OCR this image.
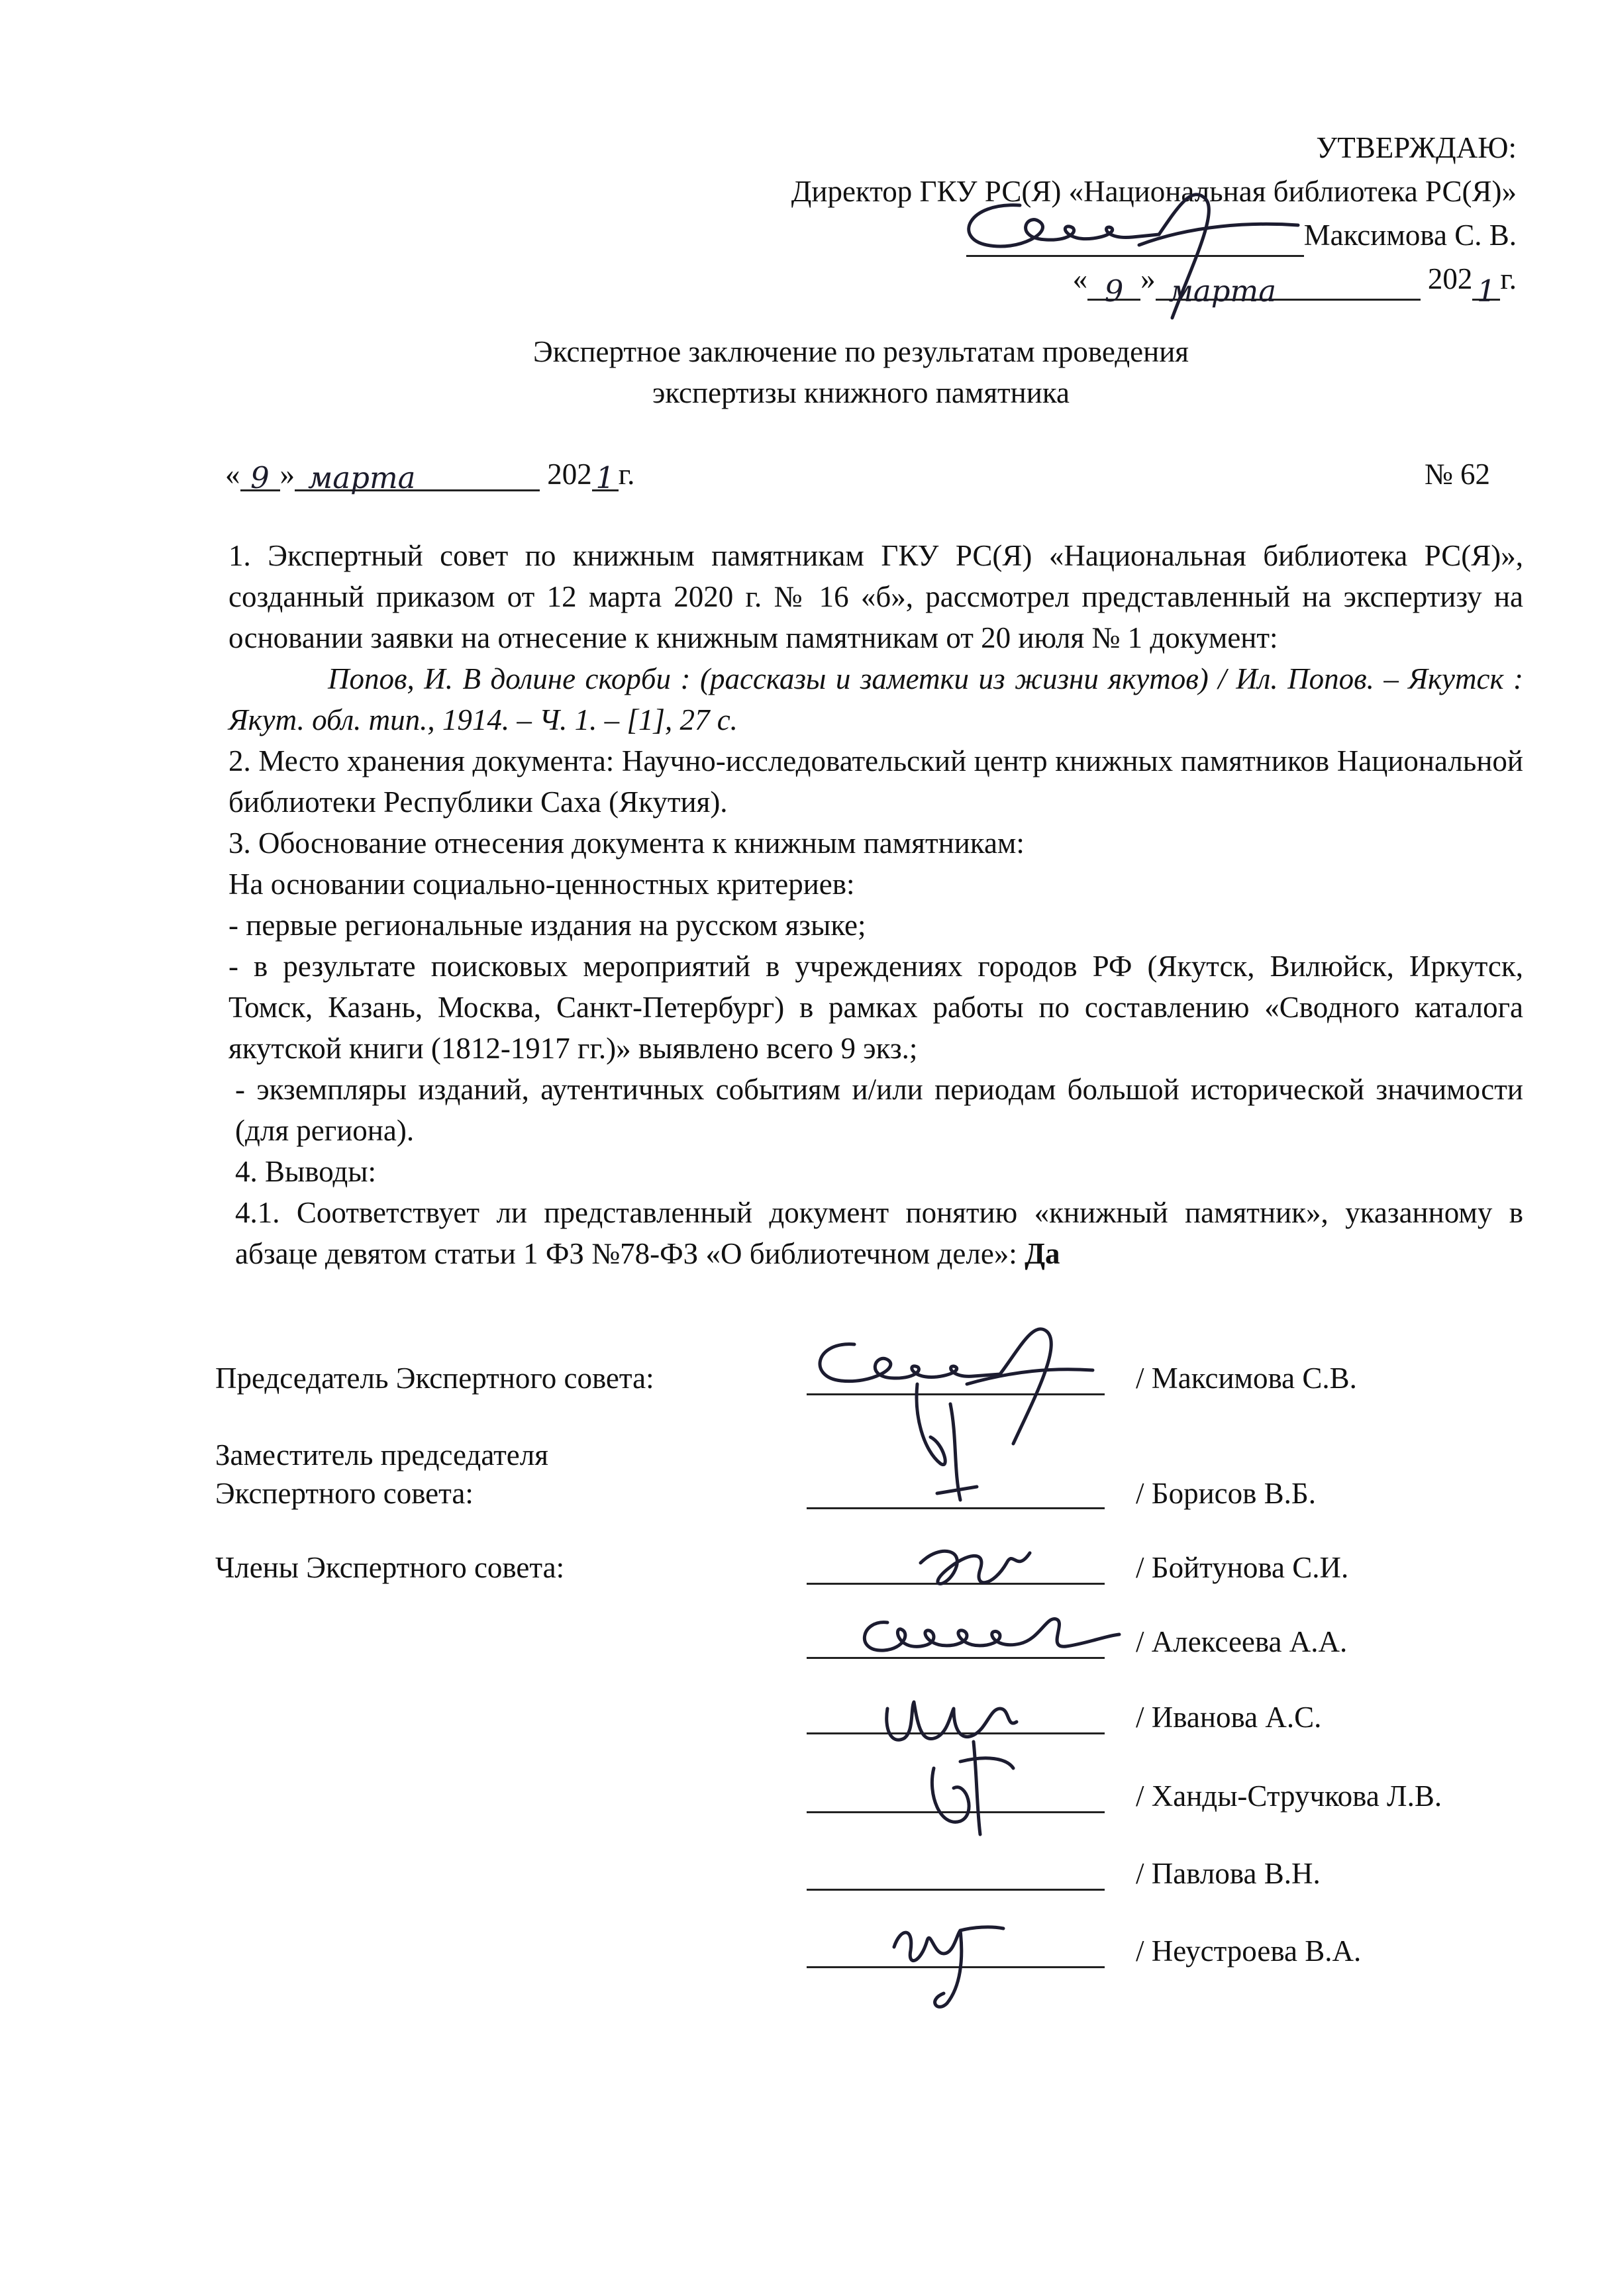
УТВЕРЖДАЮ:
Директор ГКУ РС(Я) «Национальная библиотека РС(Я)»
Максимова С. В.
« 9 » марта	202 1 г.
Экспертное заключение по результатам проведения
экспертизы книжного памятника
« 9 » марта	202 1 г.	№ 62

1. Экспертный совет по книжным памятникам ГКУ РС(Я) «Национальная библиотека РС(Я)», созданный приказом от 12 марта 2020 г. № 16 «б», рассмотрел представленный на экспертизу на основании заявки на отнесение к книжным памятникам от 20 июля № 1 документ:

Попов, И. В долине скорби : (рассказы и заметки из жизни якутов) / Ил. Попов. – Якутск : Якут. обл. тип., 1914. – Ч. 1. – [1], 27 с.

2. Место хранения документа: Научно-исследовательский центр книжных памятников Национальной библиотеки Республики Саха (Якутия).

3. Обоснование отнесения документа к книжным памятникам:

На основании социально-ценностных критериев:

- первые региональные издания на русском языке;

- в результате поисковых мероприятий в учреждениях городов РФ (Якутск, Вилюйск, Иркутск, Томск, Казань, Москва, Санкт-Петербург) в рамках работы по составлению «Сводного каталога якутской книги (1812-1917 гг.)» выявлено всего 9 экз.;

- экземпляры изданий, аутентичных событиям и/или периодам большой исторической значимости (для региона).

4. Выводы:

4.1. Соответствует ли представленный документ понятию «книжный памятник», указанному в абзаце девятом статьи 1 ФЗ №78-ФЗ «О библиотечном деле»: Да

Председатель Экспертного совета:	/ Максимова С.В.
Заместитель председателя
Экспертного совета:	/ Борисов В.Б.
Члены Экспертного совета:	/ Бойтунова С.И.
/ Алексеева А.А.
/ Иванова А.С.
/ Ханды-Стручкова Л.В.
/ Павлова В.Н.
/ Неустроева В.А.
